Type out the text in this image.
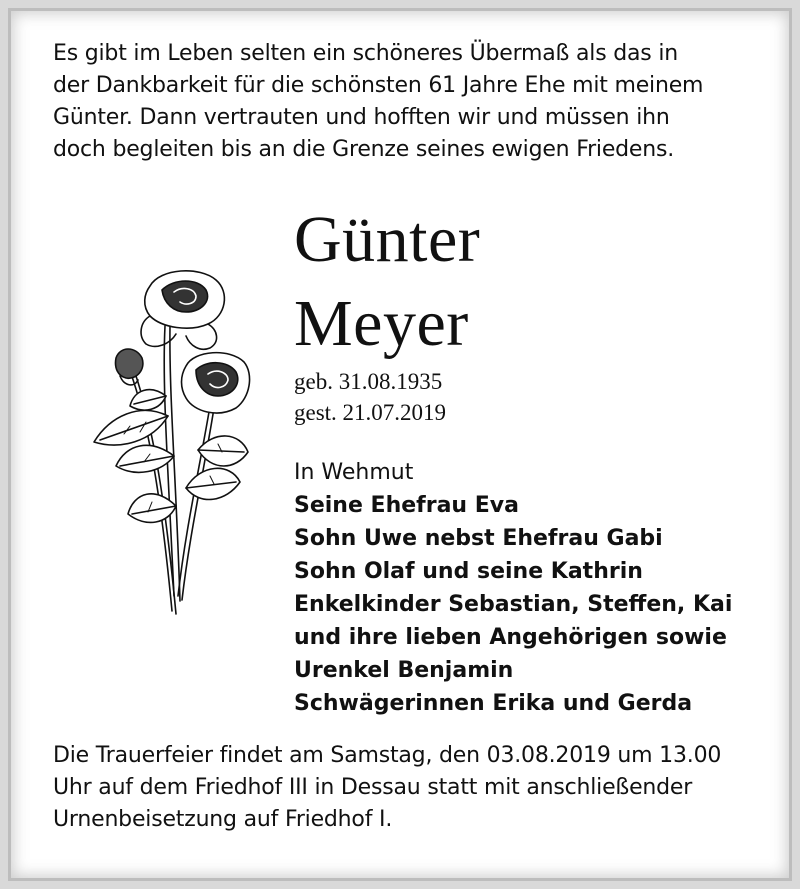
Es gibt im Leben selten ein schöneres Übermaß als das in
der Dankbarkeit für die schönsten 61 Jahre Ehe mit meinem
Günter. Dann vertrauten und hofften wir und müssen ihn
doch begleiten bis an die Grenze seines ewigen Friedens.
Günter
Meyer
geb. 31.08.1935
gest. 21.07.2019
In Wehmut
Seine Ehefrau Eva
Sohn Uwe nebst Ehefrau Gabi
Sohn Olaf und seine Kathrin
Enkelkinder Sebastian, Steffen, Kai
und ihre lieben Angehörigen sowie
Urenkel Benjamin
Schwägerinnen Erika und Gerda
Die Trauerfeier findet am Samstag, den 03.08.2019 um 13.00
Uhr auf dem Friedhof III in Dessau statt mit anschließender
Urnenbeisetzung auf Friedhof I.
